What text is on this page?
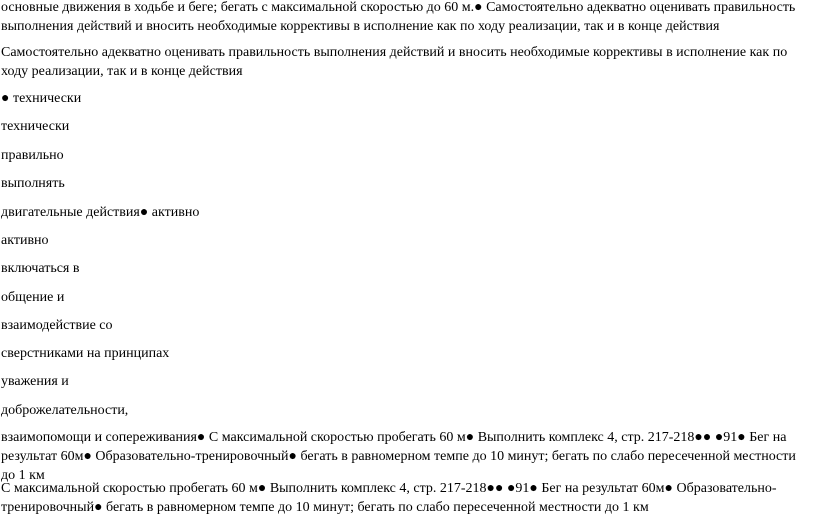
основные движения в ходьбе и беге; бегать с максимальной скоростью до 60 м.● Самостоятельно адекватно оценивать правильность выполнения действий и вносить необходимые коррективы в исполнение как по ходу реализации, так и в конце действия

Самостоятельно адекватно оценивать правильность выполнения действий и вносить необходимые коррективы в исполнение как по ходу реализации, так и в конце действия

● технически

технически

правильно

выполнять

двигательные действия● активно

активно

включаться в

общение и

взаимодействие со

сверстниками на принципах

уважения и

доброжелательности,

взаимопомощи и сопереживания● С максимальной скоростью пробегать 60 м● Выполнить комплекс 4, стр. 217-218●● ●91● Бег на результат 60м● Образовательно-тренировочный● бегать в равномерном темпе до 10 минут; бегать по слабо пересеченной местности до 1 км

С максимальной скоростью пробегать 60 м● Выполнить комплекс 4, стр. 217-218●● ●91● Бег на результат 60м● Образовательно-тренировочный● бегать в равномерном темпе до 10 минут; бегать по слабо пересеченной местности до 1 км
